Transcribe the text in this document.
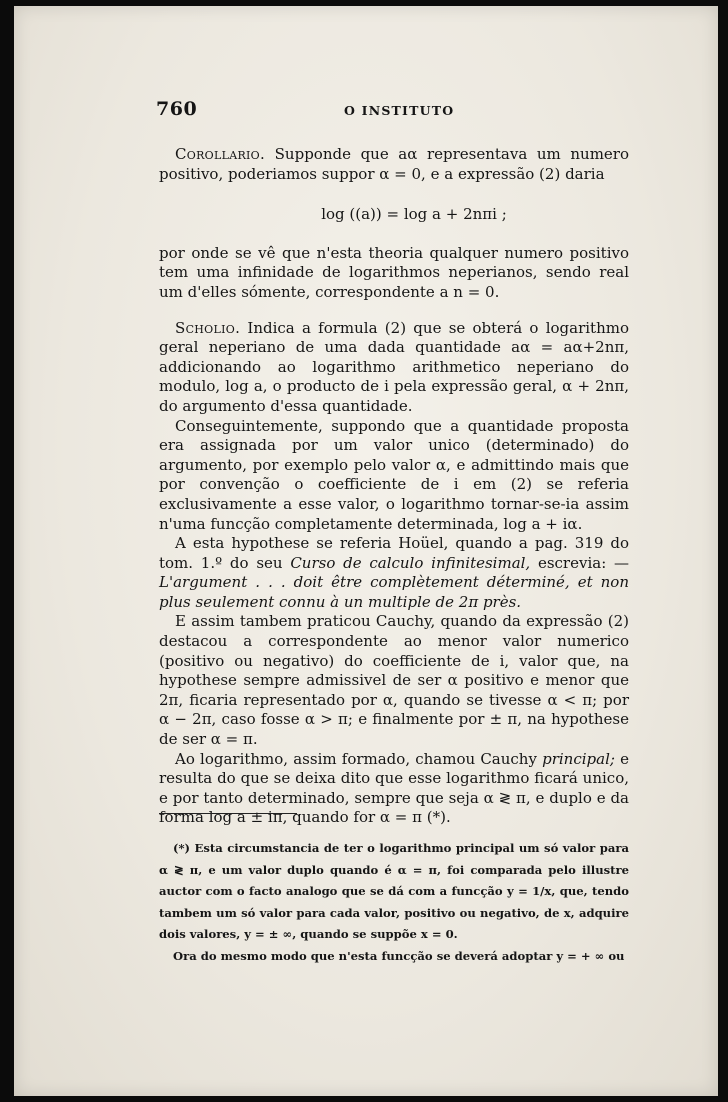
760	O INSTITUTO

Corollario. Supponde que aα representava um numero positivo, poderiamos suppor α = 0, e a expressão (2) daria

log ((a)) = log a + 2nπi ;

por onde se vê que n'esta theoria qualquer numero positivo tem uma infinidade de logarithmos neperianos, sendo real um d'elles sómente, correspondente a n = 0.

Scholio. Indica a formula (2) que se obterá o logarithmo geral neperiano de uma dada quantidade aα = aα+2nπ, addicionando ao logarithmo arithmetico neperiano do modulo, log a, o producto de i pela expressão geral, α + 2nπ, do argumento d'essa quantidade.

Conseguintemente, suppondo que a quantidade proposta era assignada por um valor unico (determinado) do argumento, por exemplo pelo valor α, e admittindo mais que por convenção o coefficiente de i em (2) se referia exclusivamente a esse valor, o logarithmo tornar-se-ia assim n'uma funcção completamente determinada, log a + iα.

A esta hypothese se referia Hoüel, quando a pag. 319 do tom. 1.º do seu Curso de calculo infinitesimal, escrevia: — L'argument . . . doit être complètement déterminé, et non plus seulement connu à un multiple de 2π près.

E assim tambem praticou Cauchy, quando da expressão (2) destacou a correspondente ao menor valor numerico (positivo ou negativo) do coefficiente de i, valor que, na hypothese sempre admissivel de ser α positivo e menor que 2π, ficaria representado por α, quando se tivesse α < π; por α − 2π, caso fosse α > π; e finalmente por ± π, na hypothese de ser α = π.

Ao logarithmo, assim formado, chamou Cauchy principal; e resulta do que se deixa dito que esse logarithmo ficará unico, e por tanto determinado, sempre que seja α ≷ π, e duplo e da forma log a ± iπ, quando for α = π (*).

(*) Esta circumstancia de ter o logarithmo principal um só valor para α ≷ π, e um valor duplo quando é α = π, foi comparada pelo illustre auctor com o facto analogo que se dá com a funcção y = 1/x, que, tendo tambem um só valor para cada valor, positivo ou negativo, de x, adquire dois valores, y = ± ∞, quando se suppõe x = 0.

Ora do mesmo modo que n'esta funcção se deverá adoptar y = + ∞ ou
